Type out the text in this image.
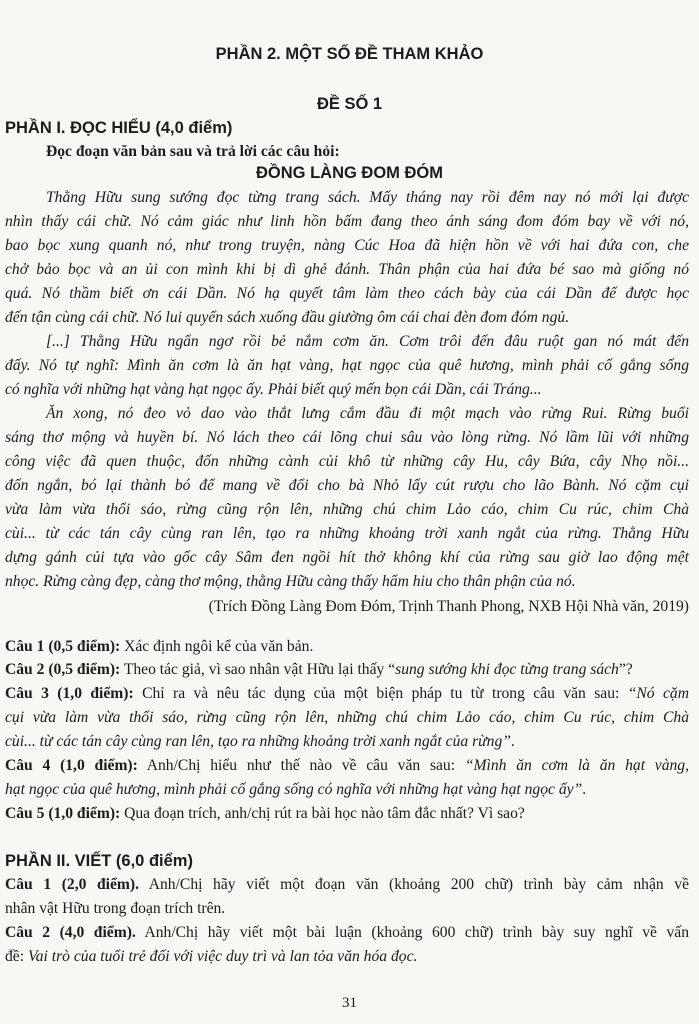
PHẦN 2. MỘT SỐ ĐỀ THAM KHẢO
ĐỀ SỐ 1
PHẦN I. ĐỌC HIỂU (4,0 điểm)
Đọc đoạn văn bản sau và trả lời các câu hỏi:
ĐỒNG LÀNG ĐOM ĐÓM
Thằng Hữu sung sướng đọc từng trang sách. Mấy tháng nay rồi đêm nay nó mới lại được
nhìn thấy cái chữ. Nó cảm giác như linh hồn bấm đang theo ánh sáng đom đóm bay về với nó,
bao bọc xung quanh nó, như trong truyện, nàng Cúc Hoa đã hiện hồn về với hai đứa con, che
chở bảo bọc và an ủi con mình khi bị dì ghẻ đánh. Thân phận của hai đứa bé sao mà giống nó
quá. Nó thầm biết ơn cái Dần. Nó hạ quyết tâm làm theo cách bày của cái Dần để được học
đến tận cùng cái chữ. Nó lui quyển sách xuống đầu giường ôm cái chai đèn đom đóm ngủ.
[...] Thằng Hữu ngẩn ngơ rồi bẻ nắm cơm ăn. Cơm trôi đến đâu ruột gan nó mát đến
đấy. Nó tự nghĩ: Mình ăn cơm là ăn hạt vàng, hạt ngọc của quê hương, mình phải cố gắng sống
có nghĩa với những hạt vàng hạt ngọc ấy. Phải biết quý mến bọn cái Dần, cái Tráng...
Ăn xong, nó đeo vỏ dao vào thắt lưng cắm đầu đi một mạch vào rừng Rui. Rừng buổi
sáng thơ mộng và huyền bí. Nó lách theo cái lõng chui sâu vào lòng rừng. Nó lầm lũi với những
công việc đã quen thuộc, đốn những cành củi khô từ những cây Hu, cây Bứa, cây Nhọ nồi...
đốn ngắn, bó lại thành bó để mang về đổi cho bà Nhỏ lấy cút rượu cho lão Bành. Nó cặm cụi
vừa làm vừa thổi sáo, rừng cũng rộn lên, những chú chim Lảo cáo, chim Cu rúc, chim Chà
cùi... từ các tán cây cùng ran lên, tạo ra những khoảng trời xanh ngắt của rừng. Thằng Hữu
dựng gánh củi tựa vào gốc cây Sâm đen ngồi hít thở không khí của rừng sau giờ lao động mệt
nhọc. Rừng càng đẹp, càng thơ mộng, thằng Hữu càng thấy hẩm hiu cho thân phận của nó.
(Trích Đồng Làng Đom Đóm, Trịnh Thanh Phong, NXB Hội Nhà văn, 2019)
Câu 1 (0,5 điểm): Xác định ngôi kể của văn bản.
Câu 2 (0,5 điểm): Theo tác giả, vì sao nhân vật Hữu lại thấy “sung sướng khi đọc từng trang sách”?
Câu 3 (1,0 điểm): Chỉ ra và nêu tác dụng của một biện pháp tu từ trong câu văn sau: “Nó cặm
cụi vừa làm vừa thổi sáo, rừng cũng rộn lên, những chú chim Lảo cáo, chim Cu rúc, chim Chà
cùi... từ các tán cây cùng ran lên, tạo ra những khoảng trời xanh ngắt của rừng”.
Câu 4 (1,0 điểm): Anh/Chị hiểu như thế nào về câu văn sau: “Mình ăn cơm là ăn hạt vàng,
hạt ngọc của quê hương, mình phải cố gắng sống có nghĩa với những hạt vàng hạt ngọc ấy”.
Câu 5 (1,0 điểm): Qua đoạn trích, anh/chị rút ra bài học nào tâm đắc nhất? Vì sao?
PHẦN II. VIẾT (6,0 điểm)
Câu 1 (2,0 điểm). Anh/Chị hãy viết một đoạn văn (khoảng 200 chữ) trình bày cảm nhận về
nhân vật Hữu trong đoạn trích trên.
Câu 2 (4,0 điểm). Anh/Chị hãy viết một bài luận (khoảng 600 chữ) trình bày suy nghĩ về vấn
đề: Vai trò của tuổi trẻ đối với việc duy trì và lan tỏa văn hóa đọc.
31
